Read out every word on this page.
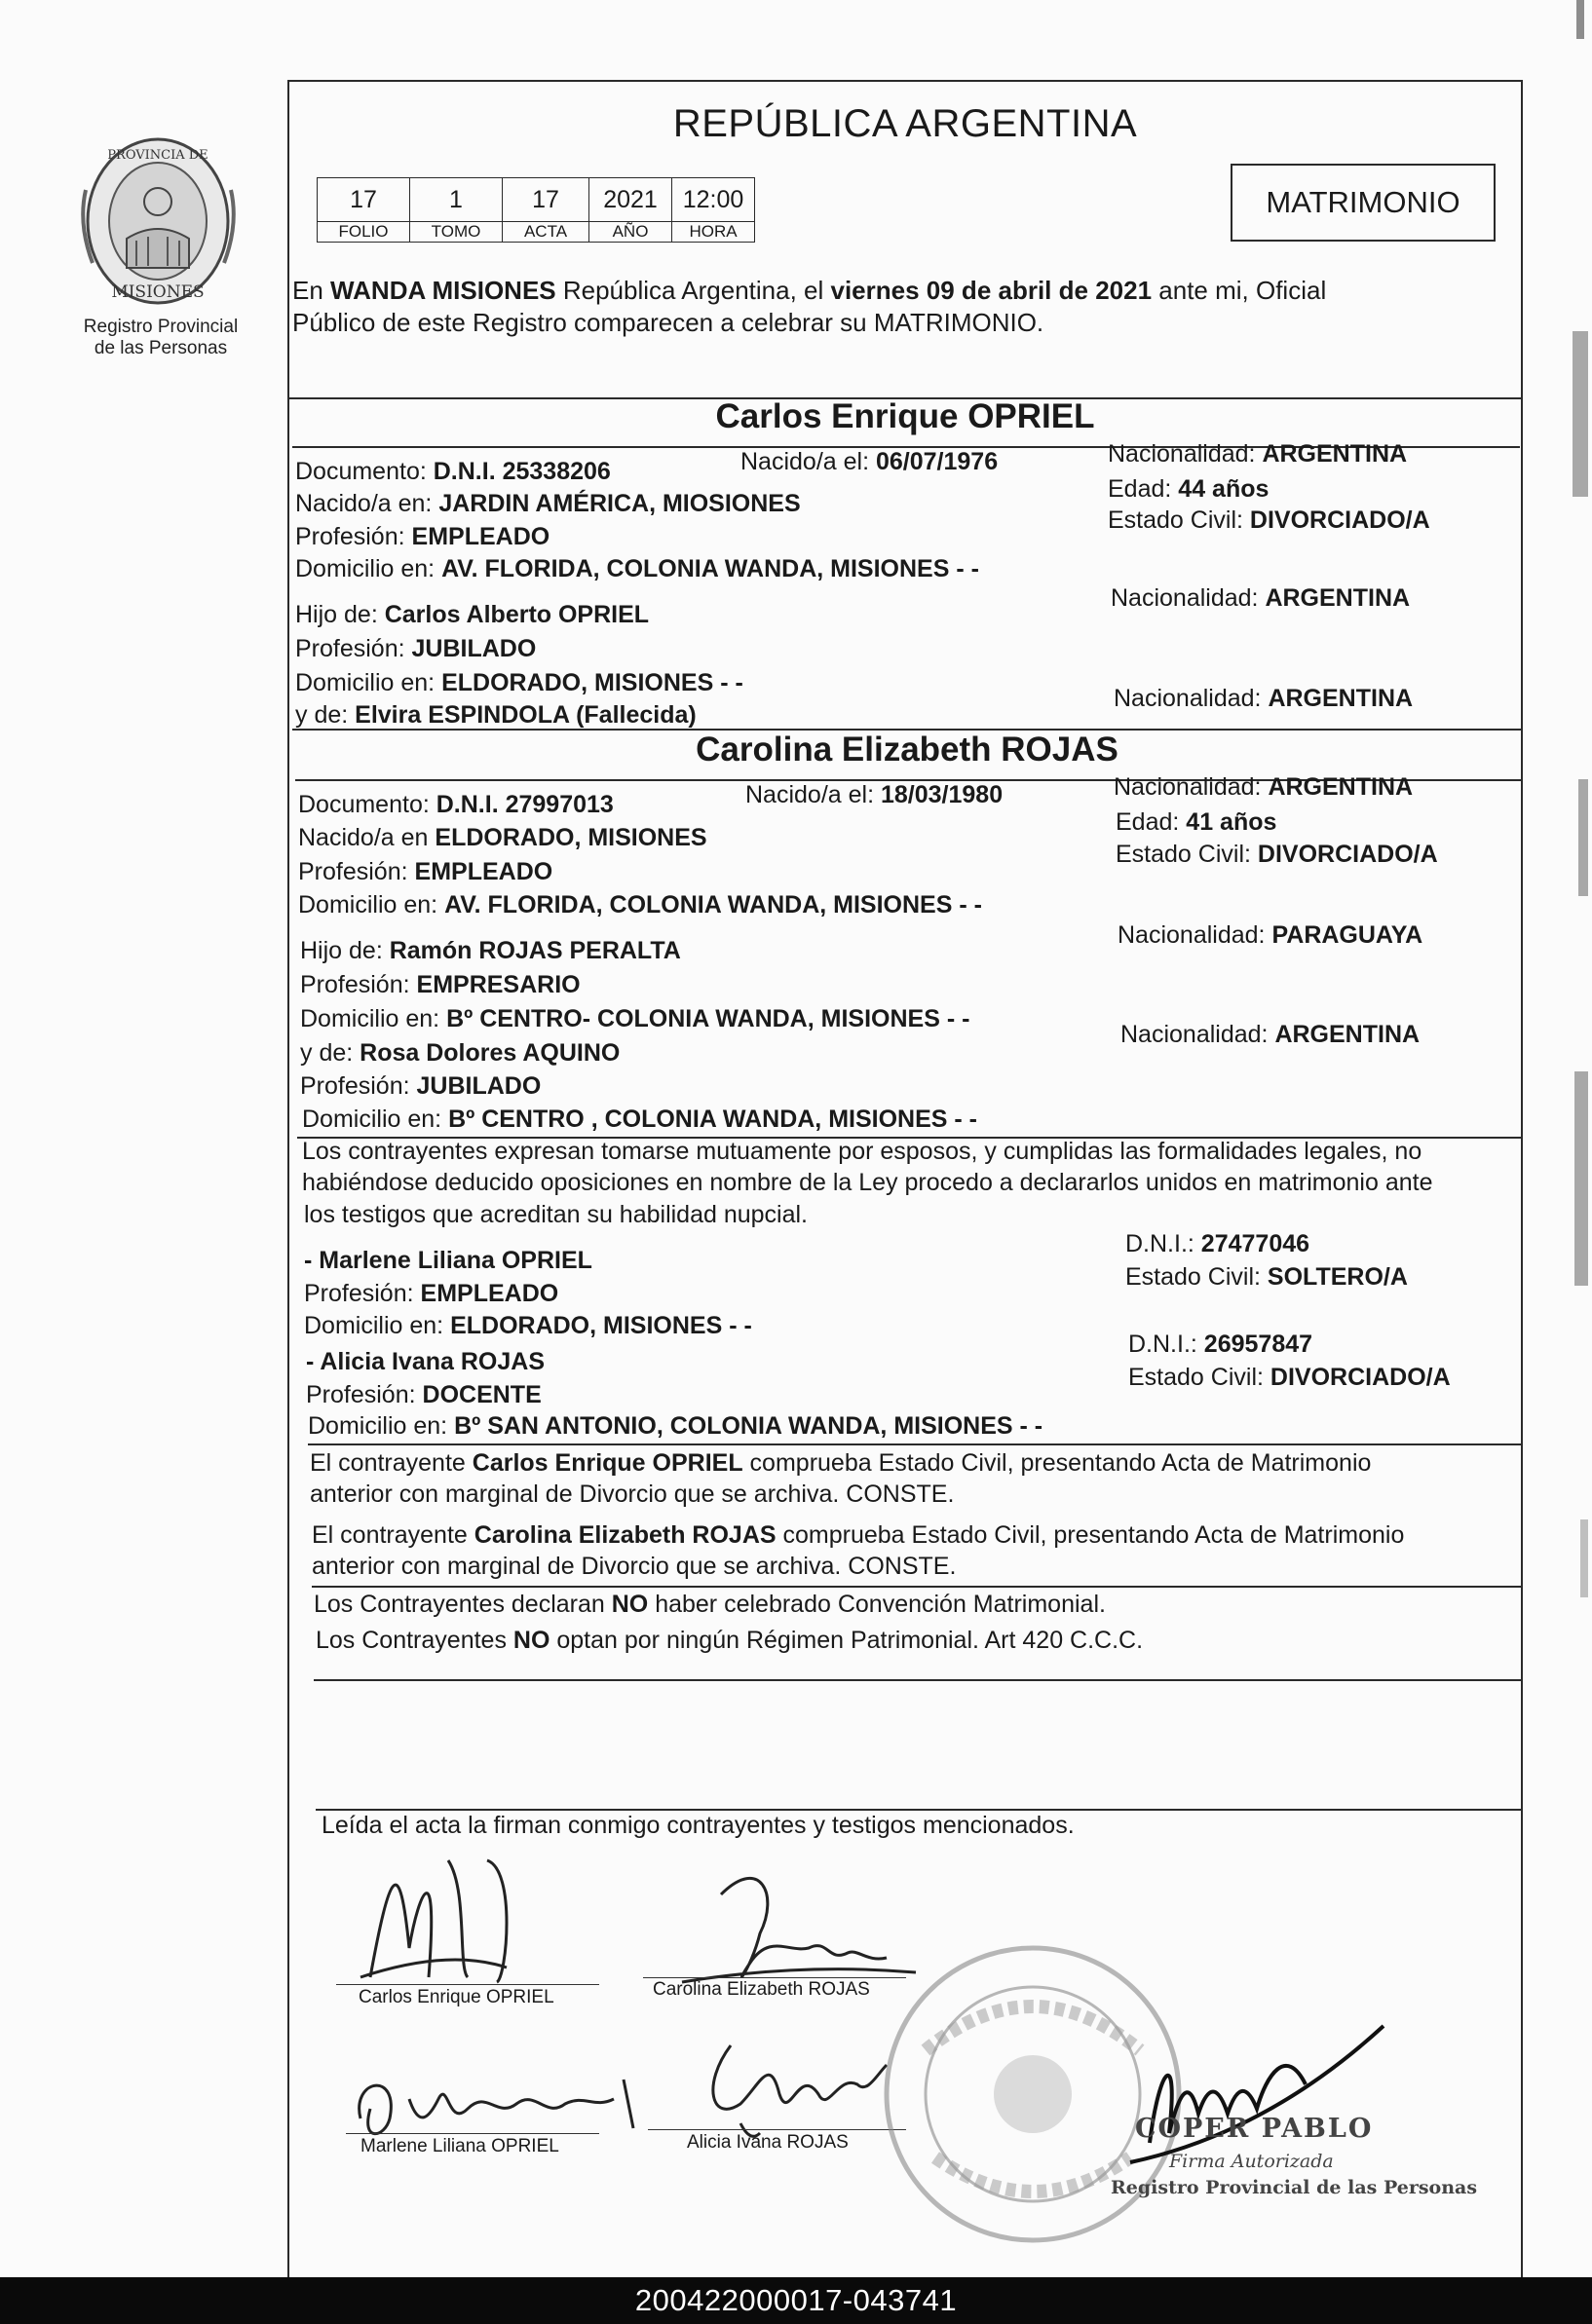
PROVINCIA DE
MISIONES
Registro Provincial
de las Personas
REPÚBLICA ARGENTINA
17	1	17	2021	12:00
FOLIO	TOMO	ACTA	AÑO	HORA
MATRIMONIO
En WANDA MISIONES República Argentina, el viernes 09 de abril de 2021 ante mi, Oficial
Público de este Registro comparecen a celebrar su MATRIMONIO.
Carlos Enrique OPRIEL
Documento: D.N.I. 25338206	Nacido/a el: 06/07/1976	Nacionalidad: ARGENTINA
Nacido/a en: JARDIN AMÉRICA, MIOSIONES
Edad: 44 años
Profesión: EMPLEADO
Estado Civil: DIVORCIADO/A
Domicilio en: AV. FLORIDA, COLONIA WANDA, MISIONES - -
Hijo de: Carlos Alberto OPRIEL
Nacionalidad: ARGENTINA
Profesión: JUBILADO
Domicilio en: ELDORADO, MISIONES - -
y de: Elvira ESPINDOLA (Fallecida)
Nacionalidad: ARGENTINA
Carolina Elizabeth ROJAS
Documento: D.N.I. 27997013	Nacido/a el: 18/03/1980	Nacionalidad: ARGENTINA
Nacido/a en ELDORADO, MISIONES
Edad: 41 años
Profesión: EMPLEADO
Estado Civil: DIVORCIADO/A
Domicilio en: AV. FLORIDA, COLONIA WANDA, MISIONES - -
Hijo de: Ramón ROJAS PERALTA
Nacionalidad: PARAGUAYA
Profesión: EMPRESARIO
Domicilio en: Bº CENTRO- COLONIA WANDA, MISIONES - -
Nacionalidad: ARGENTINA
y de: Rosa Dolores AQUINO
Profesión: JUBILADO
Domicilio en: Bº CENTRO , COLONIA WANDA, MISIONES - -
Los contrayentes expresan tomarse mutuamente por esposos, y cumplidas las formalidades legales, no
habiéndose deducido oposiciones en nombre de la Ley procedo a declararlos unidos en matrimonio ante
los testigos que acreditan su habilidad nupcial.
- Marlene Liliana OPRIEL
D.N.I.: 27477046
Profesión: EMPLEADO
Estado Civil: SOLTERO/A
Domicilio en: ELDORADO, MISIONES - -
- Alicia Ivana ROJAS
D.N.I.: 26957847
Profesión: DOCENTE
Estado Civil: DIVORCIADO/A
Domicilio en: Bº SAN ANTONIO, COLONIA WANDA, MISIONES - -
El contrayente Carlos Enrique OPRIEL comprueba Estado Civil, presentando Acta de Matrimonio
anterior con marginal de Divorcio que se archiva. CONSTE.
El contrayente Carolina Elizabeth ROJAS comprueba Estado Civil, presentando Acta de Matrimonio
anterior con marginal de Divorcio que se archiva. CONSTE.
Los Contrayentes declaran NO haber celebrado Convención Matrimonial.
Los Contrayentes NO optan por ningún Régimen Patrimonial. Art 420 C.C.C.
Leída el acta la firman conmigo contrayentes y testigos mencionados.
Carlos Enrique OPRIEL	Carolina Elizabeth ROJAS
Marlene Liliana OPRIEL	Alicia Ivana ROJAS	COPER PABLO
Firma Autorizada
Registro Provincial de las Personas
200422000017-043741
